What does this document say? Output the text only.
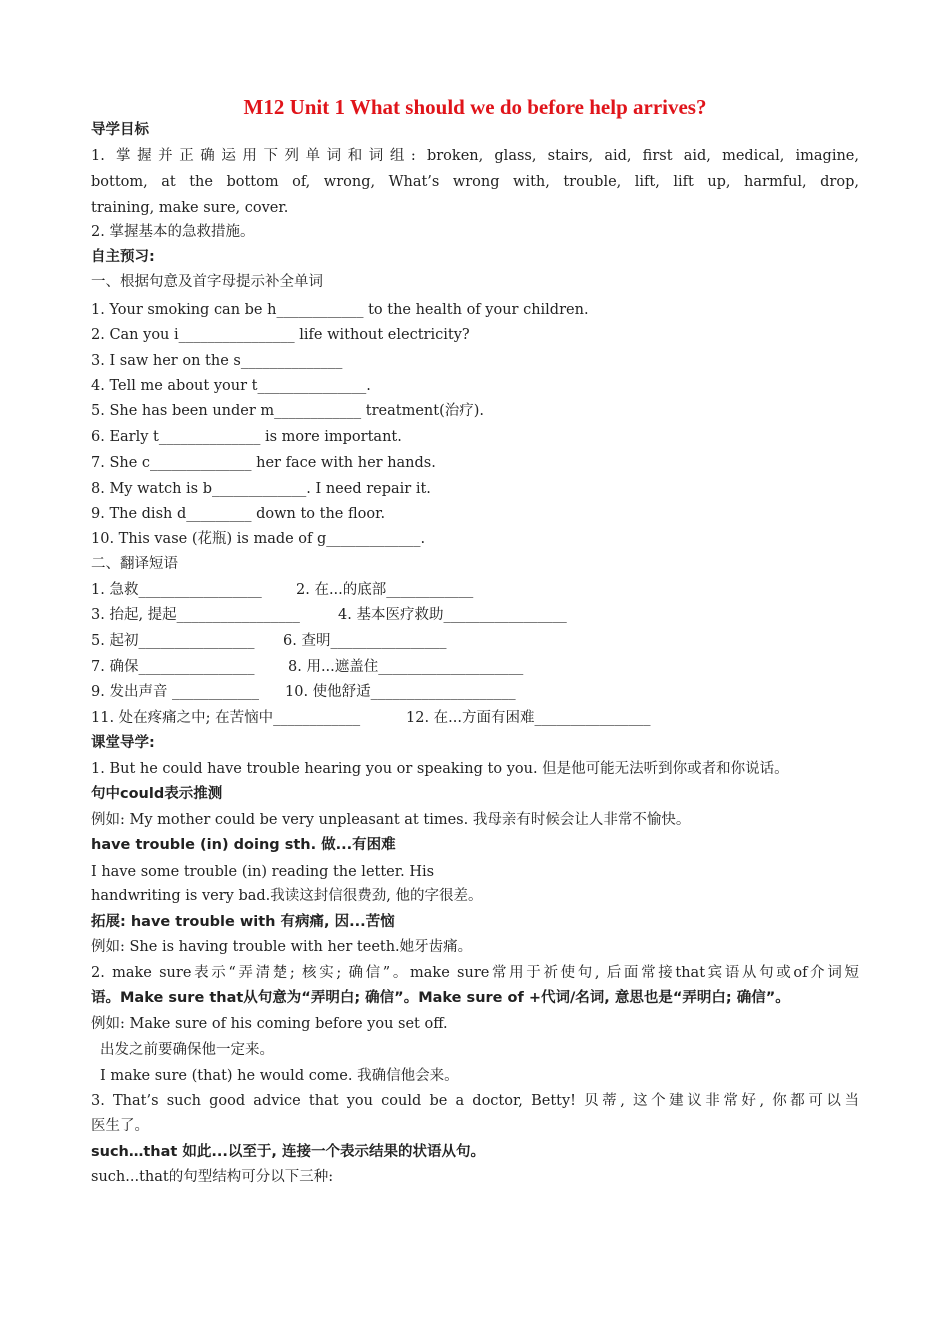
M12 Unit 1 What should we do before help arrives?
导学目标
1. 掌握并正确运用下列单词和词组: broken, glass, stairs, aid, first aid, medical, imagine,
bottom, at the bottom of, wrong, What’s wrong with, trouble, lift, lift up, harmful, drop,
training, make sure, cover.
2. 掌握基本的急救措施。
自主预习:
一、根据句意及首字母提示补全单词
1. Your smoking can be h____________ to the health of your children.
2. Can you i________________ life without electricity?
3. I saw her on the s______________
4. Tell me about your t_______________.
5. She has been under m____________ treatment(治疗).
6. Early t______________ is more important.
7. She c______________ her face with her hands.
8. My watch is b_____________. I need repair it.
9. The dish d_________ down to the floor.
10. This vase (花瓶) is made of g_____________.
二、翻译短语
1. 急救_________________ 2. 在...的底部____________
3. 抬起, 提起_________________	4. 基本医疗救助_________________
5. 起初________________ 6. 查明________________
7. 确保________________ 8. 用...遮盖住____________________
9. 发出声音 ____________ 10. 使他舒适____________________
11. 处在疼痛之中; 在苦恼中____________	12. 在...方面有困难________________
课堂导学:
1. But he could have trouble hearing you or speaking to you. 但是他可能无法听到你或者和你说话。
句中could表示推测
例如: My mother could be very unpleasant at times. 我母亲有时候会让人非常不愉快。
have trouble (in) doing sth. 做...有困难
I have some trouble (in) reading the letter. His
handwriting is very bad.我读这封信很费劲, 他的字很差。
拓展: have trouble with 有病痛, 因...苦恼
例如: She is having trouble with her teeth.她牙齿痛。
2. make sure表示“弄清楚; 核实; 确信”。make sure常用于祈使句, 后面常接that宾语从句或of介词短
语。Make sure that从句意为“弄明白; 确信”。Make sure of +代词/名词, 意思也是“弄明白; 确信”。
例如: Make sure of his coming before you set off.
出发之前要确保他一定来。
I make sure (that) he would come. 我确信他会来。
3. That’s such good advice that you could be a doctor, Betty! 贝蒂, 这个建议非常好, 你都可以当
医生了。
such…that 如此...以至于, 连接一个表示结果的状语从句。
such...that的句型结构可分以下三种:
